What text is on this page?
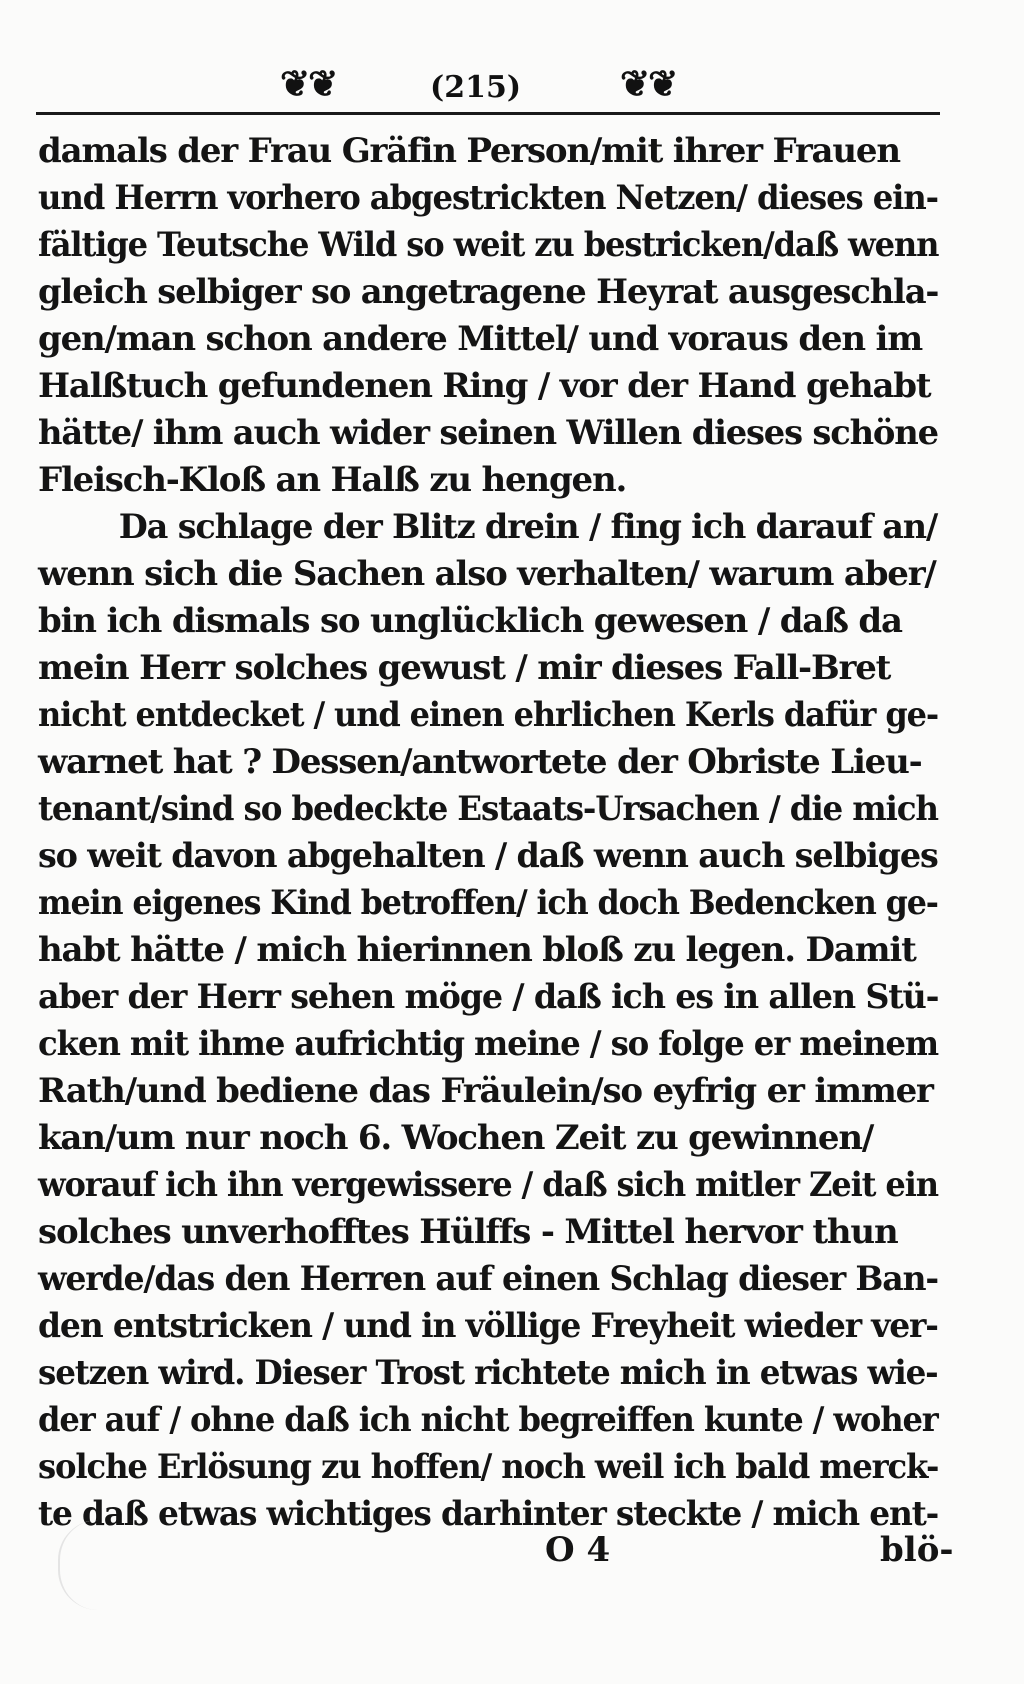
❦❦	(215)	❦❦
damals der Frau Gräfin Person/mit ihrer Frauen
und Herrn vorhero abgestrickten Netzen/ dieses ein-
fältige Teutsche Wild so weit zu bestricken/daß wenn
gleich selbiger so angetragene Heyrat ausgeschla-
gen/man schon andere Mittel/ und voraus den im
Halßtuch gefundenen Ring / vor der Hand gehabt
hätte/ ihm auch wider seinen Willen dieses schöne
Fleisch-Kloß an Halß zu hengen.
Da schlage der Blitz drein / fing ich darauf an/
wenn sich die Sachen also verhalten/ warum aber/
bin ich dismals so unglücklich gewesen / daß da
mein Herr solches gewust / mir dieses Fall-Bret
nicht entdecket / und einen ehrlichen Kerls dafür ge-
warnet hat ? Dessen/antwortete der Obriste Lieu-
tenant/sind so bedeckte Estaats-Ursachen / die mich
so weit davon abgehalten / daß wenn auch selbiges
mein eigenes Kind betroffen/ ich doch Bedencken ge-
habt hätte / mich hierinnen bloß zu legen. Damit
aber der Herr sehen möge / daß ich es in allen Stü-
cken mit ihme aufrichtig meine / so folge er meinem
Rath/und bediene das Fräulein/so eyfrig er immer
kan/um nur noch 6. Wochen Zeit zu gewinnen/
worauf ich ihn vergewissere / daß sich mitler Zeit ein
solches unverhofftes Hülffs - Mittel hervor thun
werde/das den Herren auf einen Schlag dieser Ban-
den entstricken / und in völlige Freyheit wieder ver-
setzen wird. Dieser Trost richtete mich in etwas wie-
der auf / ohne daß ich nicht begreiffen kunte / woher
solche Erlösung zu hoffen/ noch weil ich bald merck-
te daß etwas wichtiges darhinter steckte / mich ent-
O 4	blö-
